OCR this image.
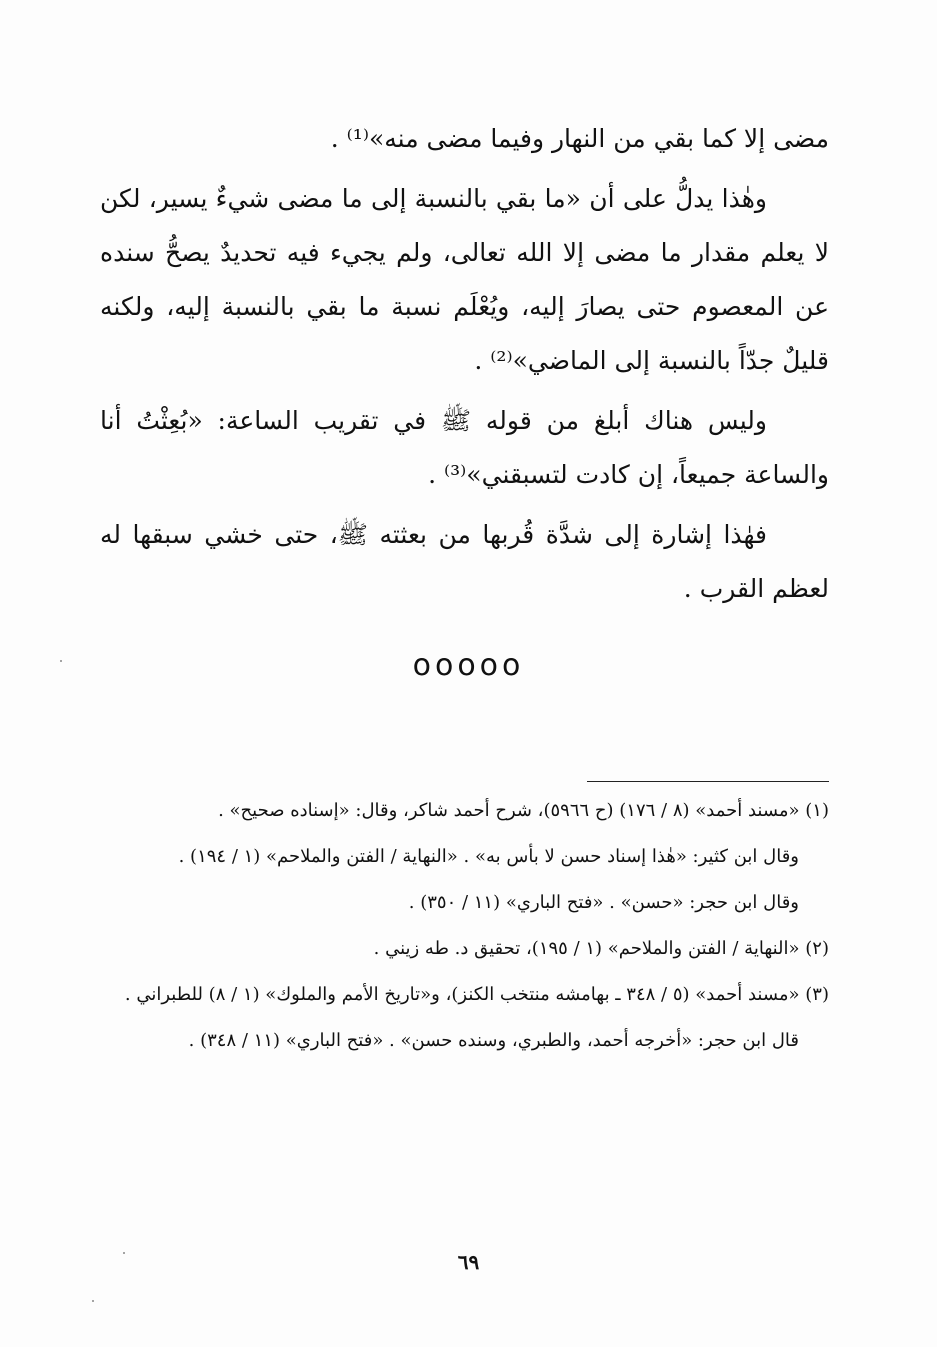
مضى إلا كما بقي من النهار وفيما مضى منه»⁽¹⁾ .

وهٰذا يدلُّ على أن «ما بقي بالنسبة إلى ما مضى شيءٌ يسير، لكن لا يعلم مقدار ما مضى إلا الله تعالى، ولم يجيء فيه تحديدٌ يصحُّ سنده عن المعصوم حتى يصارَ إليه، ويُعْلَم نسبة ما بقي بالنسبة إليه، ولكنه قليلٌ جدّاً بالنسبة إلى الماضي»⁽²⁾ .

وليس هناك أبلغ من قوله ﷺ في تقريب الساعة: «بُعِثْتُ أنا والساعة جميعاً، إن كادت لتسبقني»⁽³⁾ .

فهٰذا إشارة إلى شدَّة قُربها من بعثته ﷺ، حتى خشي سبقها له لعظم القرب .

ooooo

(١) «مسند أحمد» (٨ / ١٧٦) (ح ٥٩٦٦)، شرح أحمد شاكر، وقال: «إسناده صحيح» .

وقال ابن كثير: «هٰذا إسناد حسن لا بأس به» . «النهاية / الفتن والملاحم» (١ / ١٩٤) .

وقال ابن حجر: «حسن» . «فتح الباري» (١١ / ٣٥٠) .

(٢) «النهاية / الفتن والملاحم» (١ / ١٩٥)، تحقيق د. طه زيني .

(٣) «مسند أحمد» (٥ / ٣٤٨ ـ بهامشه منتخب الكنز)، و«تاريخ الأمم والملوك» (١ / ٨) للطبراني .

قال ابن حجر: «أخرجه أحمد، والطبري، وسنده حسن» . «فتح الباري» (١١ / ٣٤٨) .

٦٩
